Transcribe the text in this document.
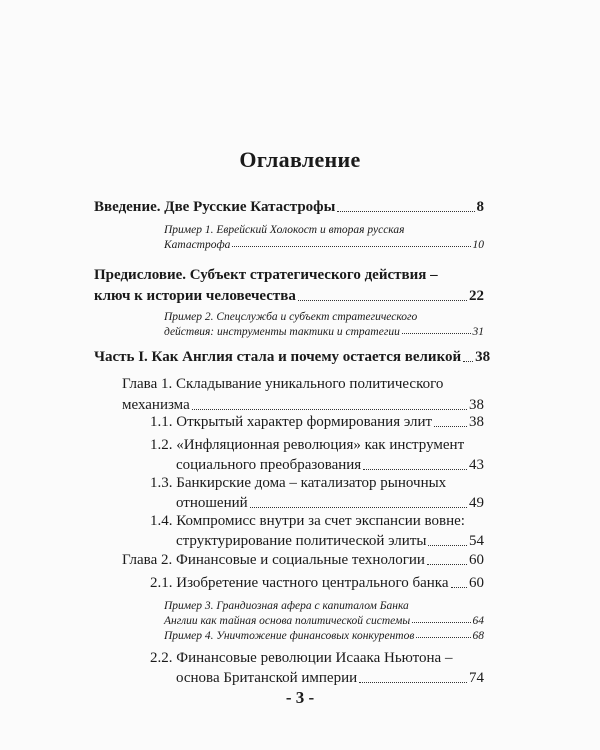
Оглавление
Введение. Две Русские Катастрофы	8
Пример 1. Еврейский Холокост и вторая русская
Катастрофа	10
Предисловие. Субъект стратегического действия –
ключ к истории человечества	22
Пример 2. Спецслужба и субъект стратегического
действия: инструменты тактики и стратегии	31
Часть I. Как Англия стала и почему остается великой 38
Глава 1. Складывание уникального политического
механизма	38
1.1. Открытый характер формирования элит 38
1.2.
«Инфляционная революция» как инструмент
социального преобразования	43
1.3.
Банкирские дома – катализатор рыночных
отношений	49
1.4.
Компромисс внутри за счет экспансии вовне:
структурирование политической элиты	54
Глава 2. Финансовые и социальные технологии	60
2.1. Изобретение частного центрального банка 60
Пример 3. Грандиозная афера с капиталом Банка
Англии как тайная основа политической системы	64
Пример 4. Уничтожение финансовых конкурентов	68
2.2.
Финансовые революции Исаака Ньютона –
основа Британской империи	74
- 3 -
